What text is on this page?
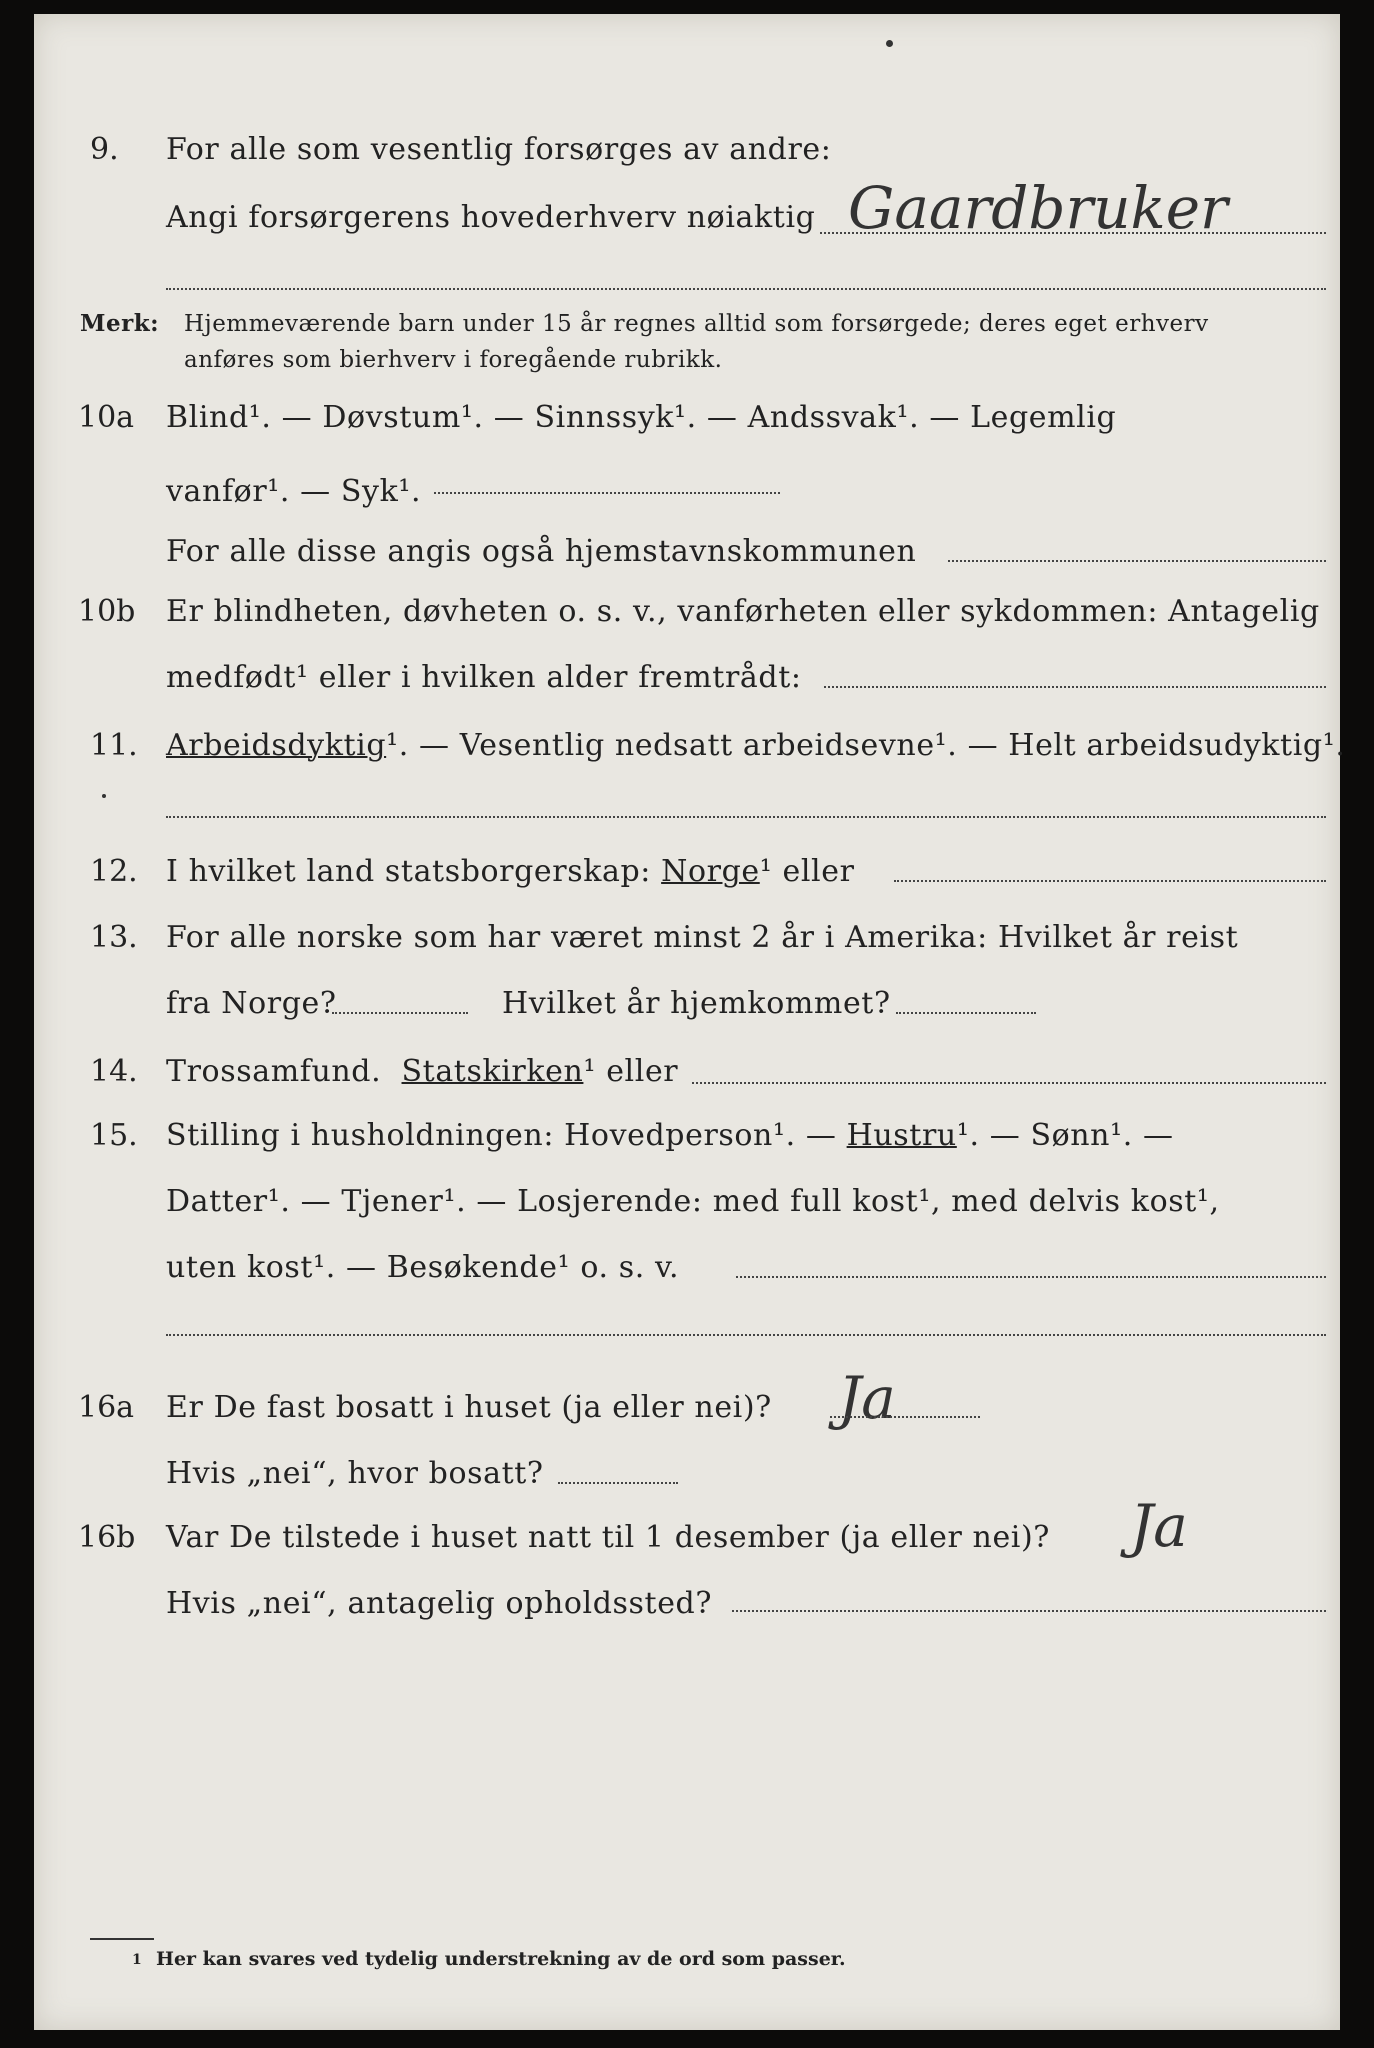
9. For alle som vesentlig forsørges av andre:
Angi forsørgerens hovederhverv nøiaktig Gaardbruker
Merk: Hjemmeværende barn under 15 år regnes alltid som forsørgede; deres eget erhverv
anføres som bierhverv i foregående rubrikk.
10a Blind¹. — Døvstum¹. — Sinnssyk¹. — Andssvak¹. — Legemlig
vanfør¹. — Syk¹.
For alle disse angis også hjemstavnskommunen
10b Er blindheten, døvheten o. s. v., vanførheten eller sykdommen: Antagelig
medfødt¹ eller i hvilken alder fremtrådt:
11. Arbeidsdyktig¹. — Vesentlig nedsatt arbeidsevne¹. — Helt arbeidsudyktig¹.
12. I hvilket land statsborgerskap: Norge¹ eller
13. For alle norske som har været minst 2 år i Amerika: Hvilket år reist
fra Norge?	Hvilket år hjemkommet?
14. Trossamfund. Statskirken¹ eller
15. Stilling i husholdningen: Hovedperson¹. — Hustru¹. — Sønn¹. —
Datter¹. — Tjener¹. — Losjerende: med full kost¹, med delvis kost¹,
uten kost¹. — Besøkende¹ o. s. v.
16a Er De fast bosatt i huset (ja eller nei)? Ja
Hvis „nei“, hvor bosatt?
16b Var De tilstede i huset natt til 1 desember (ja eller nei)? Ja
Hvis „nei“, antagelig opholdssted?
1 Her kan svares ved tydelig understrekning av de ord som passer.
